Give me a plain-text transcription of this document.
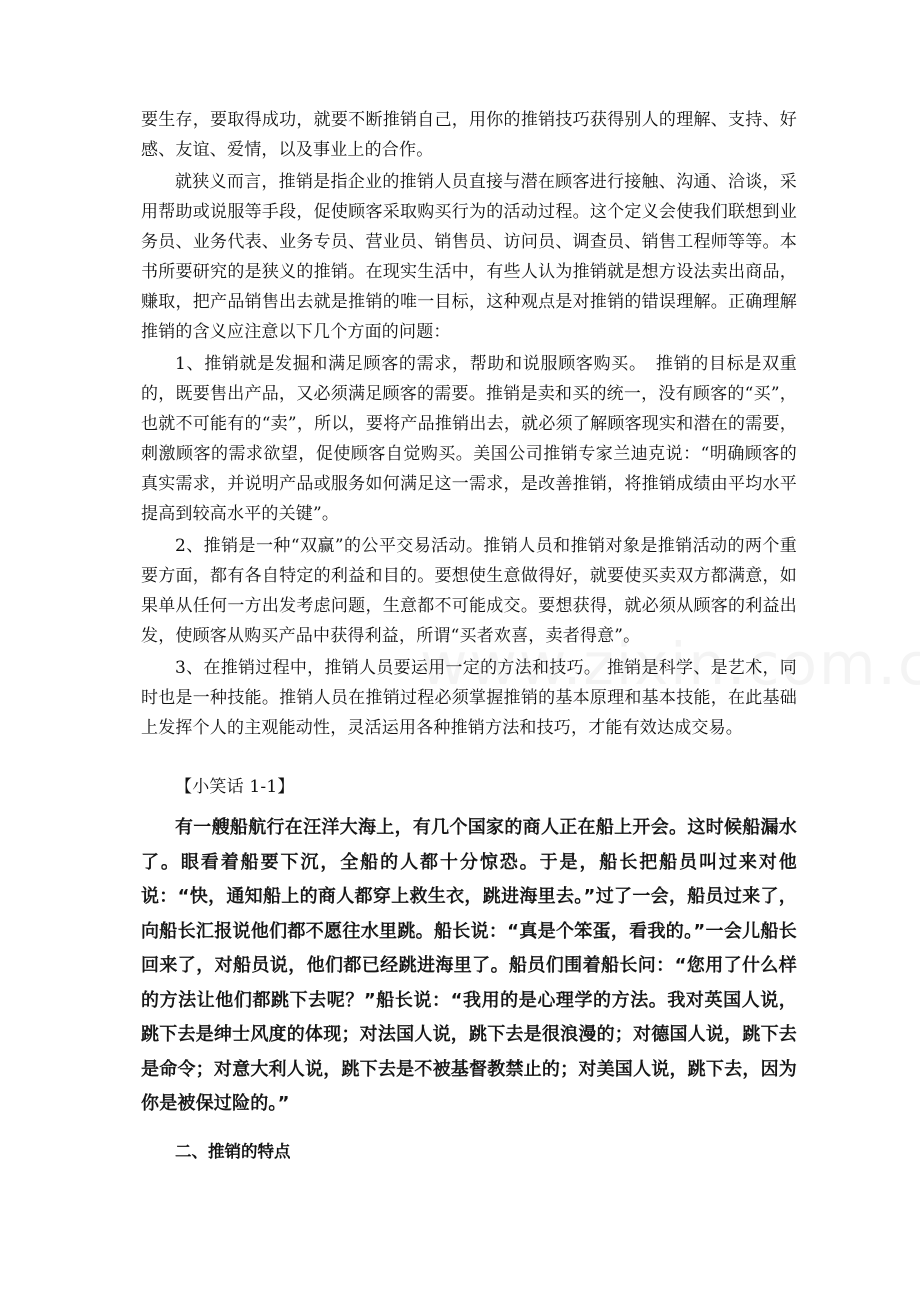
要生存，要取得成功，就要不断推销自己，用你的推销技巧获得别人的理解、支持、好感、友谊、爱情，以及事业上的合作。

就狭义而言，推销是指企业的推销人员直接与潜在顾客进行接触、沟通、洽谈，采用帮助或说服等手段，促使顾客采取购买行为的活动过程。这个定义会使我们联想到业务员、业务代表、业务专员、营业员、销售员、访问员、调查员、销售工程师等等。本书所要研究的是狭义的推销。在现实生活中，有些人认为推销就是想方设法卖出商品，赚取，把产品销售出去就是推销的唯一目标，这种观点是对推销的错误理解。正确理解推销的含义应注意以下几个方面的问题：

1、推销就是发掘和满足顾客的需求，帮助和说服顾客购买。　推销的目标是双重的，既要售出产品，又必须满足顾客的需要。推销是卖和买的统一，没有顾客的“买”，也就不可能有的“卖”，所以，要将产品推销出去，就必须了解顾客现实和潜在的需要，刺激顾客的需求欲望，促使顾客自觉购买。美国公司推销专家兰迪克说：“明确顾客的真实需求，并说明产品或服务如何满足这一需求，是改善推销，将推销成绩由平均水平提高到较高水平的关键”。

2、推销是一种“双赢”的公平交易活动。推销人员和推销对象是推销活动的两个重要方面，都有各自特定的利益和目的。要想使生意做得好，就要使买卖双方都满意，如果单从任何一方出发考虑问题，生意都不可能成交。要想获得，就必须从顾客的利益出发，使顾客从购买产品中获得利益，所谓“买者欢喜，卖者得意”。

3、在推销过程中，推销人员要运用一定的方法和技巧。 推销是科学、是艺术，同时也是一种技能。推销人员在推销过程必须掌握推销的基本原理和基本技能，在此基础上发挥个人的主观能动性，灵活运用各种推销方法和技巧，才能有效达成交易。

【小笑话 1-1】

有一艘船航行在汪洋大海上，有几个国家的商人正在船上开会。这时候船漏水了。眼看着船要下沉，全船的人都十分惊恐。于是，船长把船员叫过来对他说：“快，通知船上的商人都穿上救生衣，跳进海里去。”过了一会，船员过来了，向船长汇报说他们都不愿往水里跳。船长说：“真是个笨蛋，看我的。”一会儿船长回来了，对船员说，他们都已经跳进海里了。船员们围着船长问：“您用了什么样的方法让他们都跳下去呢？”船长说：“我用的是心理学的方法。我对英国人说，跳下去是绅士风度的体现；对法国人说，跳下去是很浪漫的；对德国人说，跳下去是命令；对意大利人说，跳下去是不被基督教禁止的；对美国人说，跳下去，因为你是被保过险的。”

二、推销的特点
